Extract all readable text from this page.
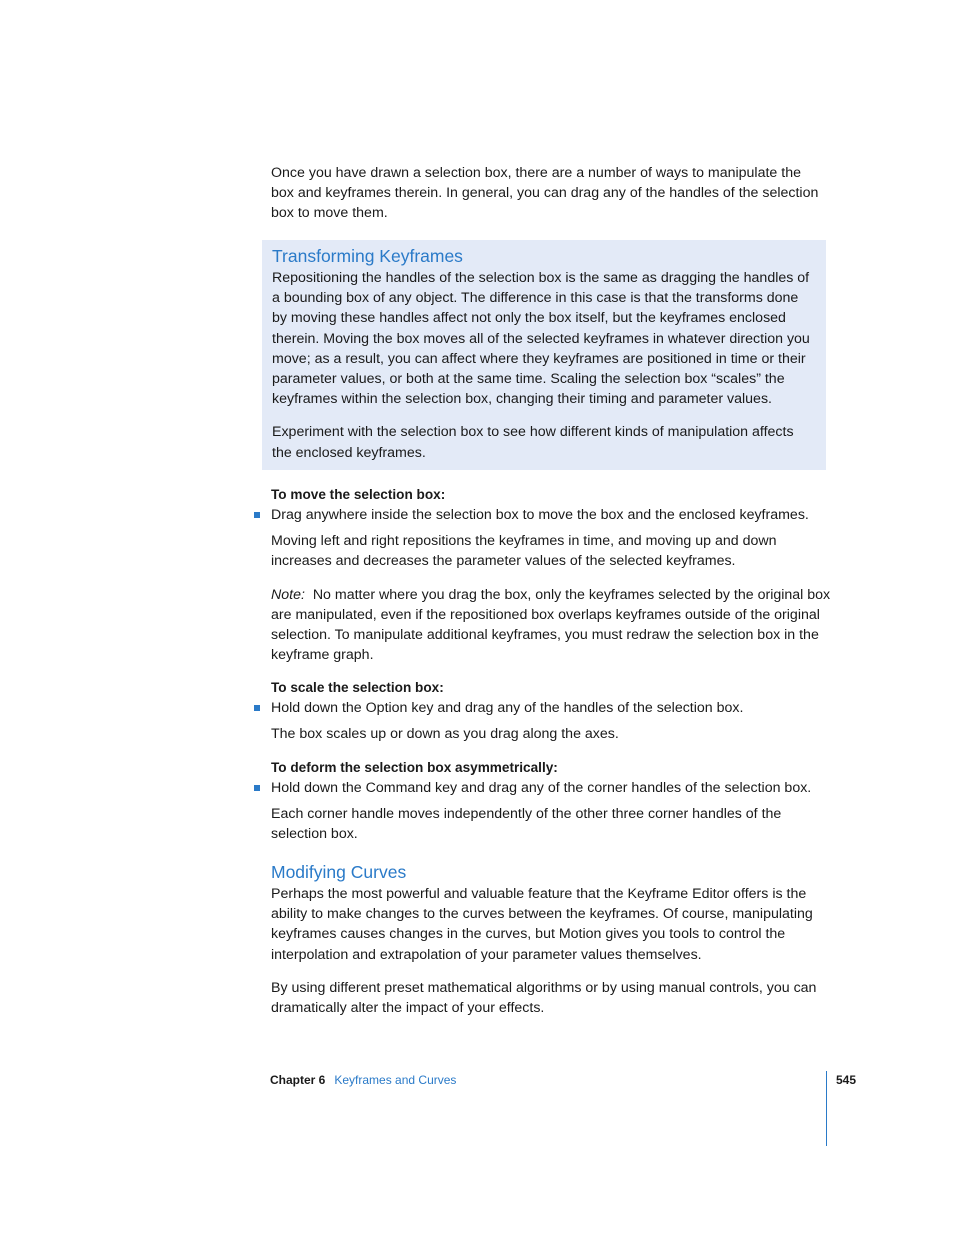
Once you have drawn a selection box, there are a number of ways to manipulate the box and keyframes therein. In general, you can drag any of the handles of the selection box to move them.

Transforming Keyframes

Repositioning the handles of the selection box is the same as dragging the handles of a bounding box of any object. The difference in this case is that the transforms done by moving these handles affect not only the box itself, but the keyframes enclosed therein. Moving the box moves all of the selected keyframes in whatever direction you move; as a result, you can affect where they keyframes are positioned in time or their parameter values, or both at the same time. Scaling the selection box “scales” the keyframes within the selection box, changing their timing and parameter values.

Experiment with the selection box to see how different kinds of manipulation affects the enclosed keyframes.

To move the selection box:
Drag anywhere inside the selection box to move the box and the enclosed keyframes.

Moving left and right repositions the keyframes in time, and moving up and down increases and decreases the parameter values of the selected keyframes.

Note: No matter where you drag the box, only the keyframes selected by the original box are manipulated, even if the repositioned box overlaps keyframes outside of the original selection. To manipulate additional keyframes, you must redraw the selection box in the keyframe graph.

To scale the selection box:
Hold down the Option key and drag any of the handles of the selection box.

The box scales up or down as you drag along the axes.

To deform the selection box asymmetrically:
Hold down the Command key and drag any of the corner handles of the selection box.

Each corner handle moves independently of the other three corner handles of the selection box.

Modifying Curves

Perhaps the most powerful and valuable feature that the Keyframe Editor offers is the ability to make changes to the curves between the keyframes. Of course, manipulating keyframes causes changes in the curves, but Motion gives you tools to control the interpolation and extrapolation of your parameter values themselves.

By using different preset mathematical algorithms or by using manual controls, you can dramatically alter the impact of your effects.

Chapter 6 Keyframes and Curves	545
